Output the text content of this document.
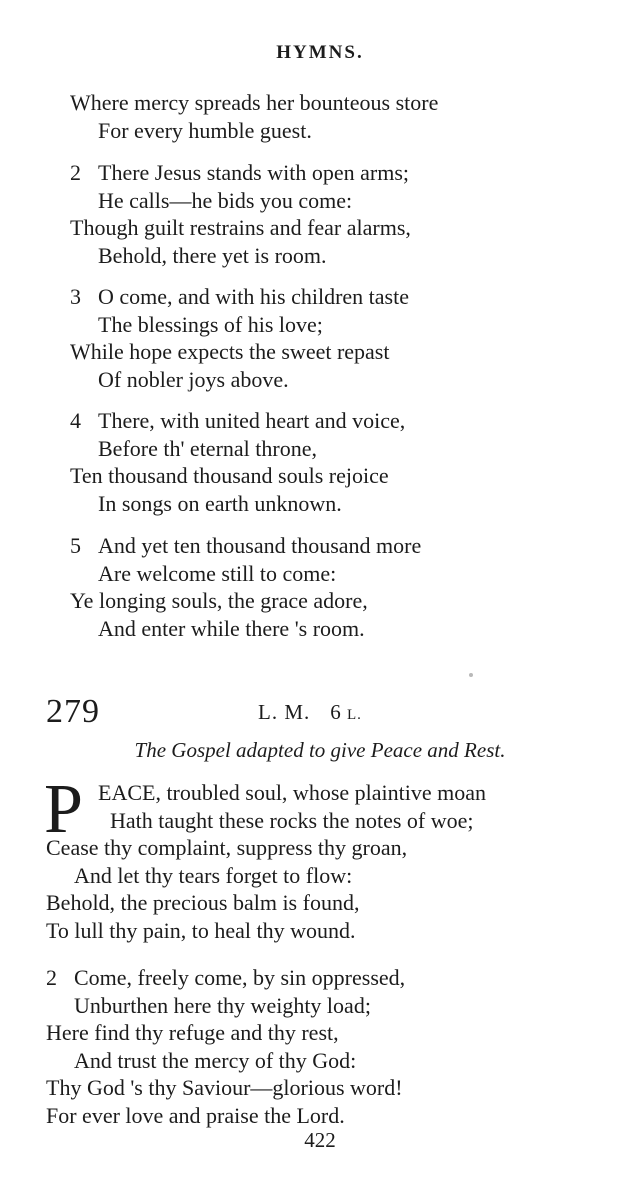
HYMNS.
Where mercy spreads her bounteous store
For every humble guest.
2 There Jesus stands with open arms;
He calls—he bids you come:
Though guilt restrains and fear alarms,
Behold, there yet is room.
3 O come, and with his children taste
The blessings of his love;
While hope expects the sweet repast
Of nobler joys above.
4 There, with united heart and voice,
Before th' eternal throne,
Ten thousand thousand souls rejoice
In songs on earth unknown.
5 And yet ten thousand thousand more
Are welcome still to come:
Ye longing souls, the grace adore,
And enter while there 's room.
279	L. M. 6  L.
The Gospel adapted to give Peace and Rest.
P EACE, troubled soul, whose plaintive moan
Hath taught these rocks the notes of woe;
Cease thy complaint, suppress thy groan,
And let thy tears forget to flow:
Behold, the precious balm is found,
To lull thy pain, to heal thy wound.
2 Come, freely come, by sin oppressed,
Unburthen here thy weighty load;
Here find thy refuge and thy rest,
And trust the mercy of thy God:
Thy God 's thy Saviour—glorious word!
For ever love and praise the Lord.
422
